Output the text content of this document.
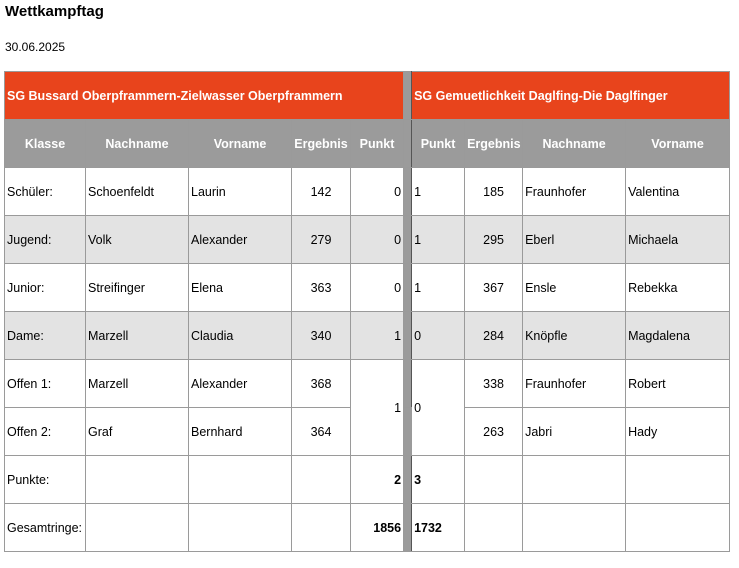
Wettkampftag
30.06.2025
SG Bussard Oberpframmern-Zielwasser Oberpframmern						SG Gemuetlichkeit Daglfing-Die Daglfinger			
Klasse	Nachname	Vorname	Ergebnis	Punkt		Punkt	Ergebnis	Nachname	Vorname
Schüler:	Schoenfeldt	Laurin	142	0		1	185	Fraunhofer	Valentina
Jugend:	Volk	Alexander	279	0		1	295	Eberl	Michaela
Junior:	Streifinger	Elena	363	0		1	367	Ensle	Rebekka
Dame:	Marzell	Claudia	340	1		0	284	Knöpfle	Magdalena
Offen 1:	Marzell	Alexander	368	1		0	338	Fraunhofer	Robert
Offen 2:	Graf	Bernhard	364				263	Jabri	Hady
Punkte:				2		3			
Gesamtringe:				1856		1732			
